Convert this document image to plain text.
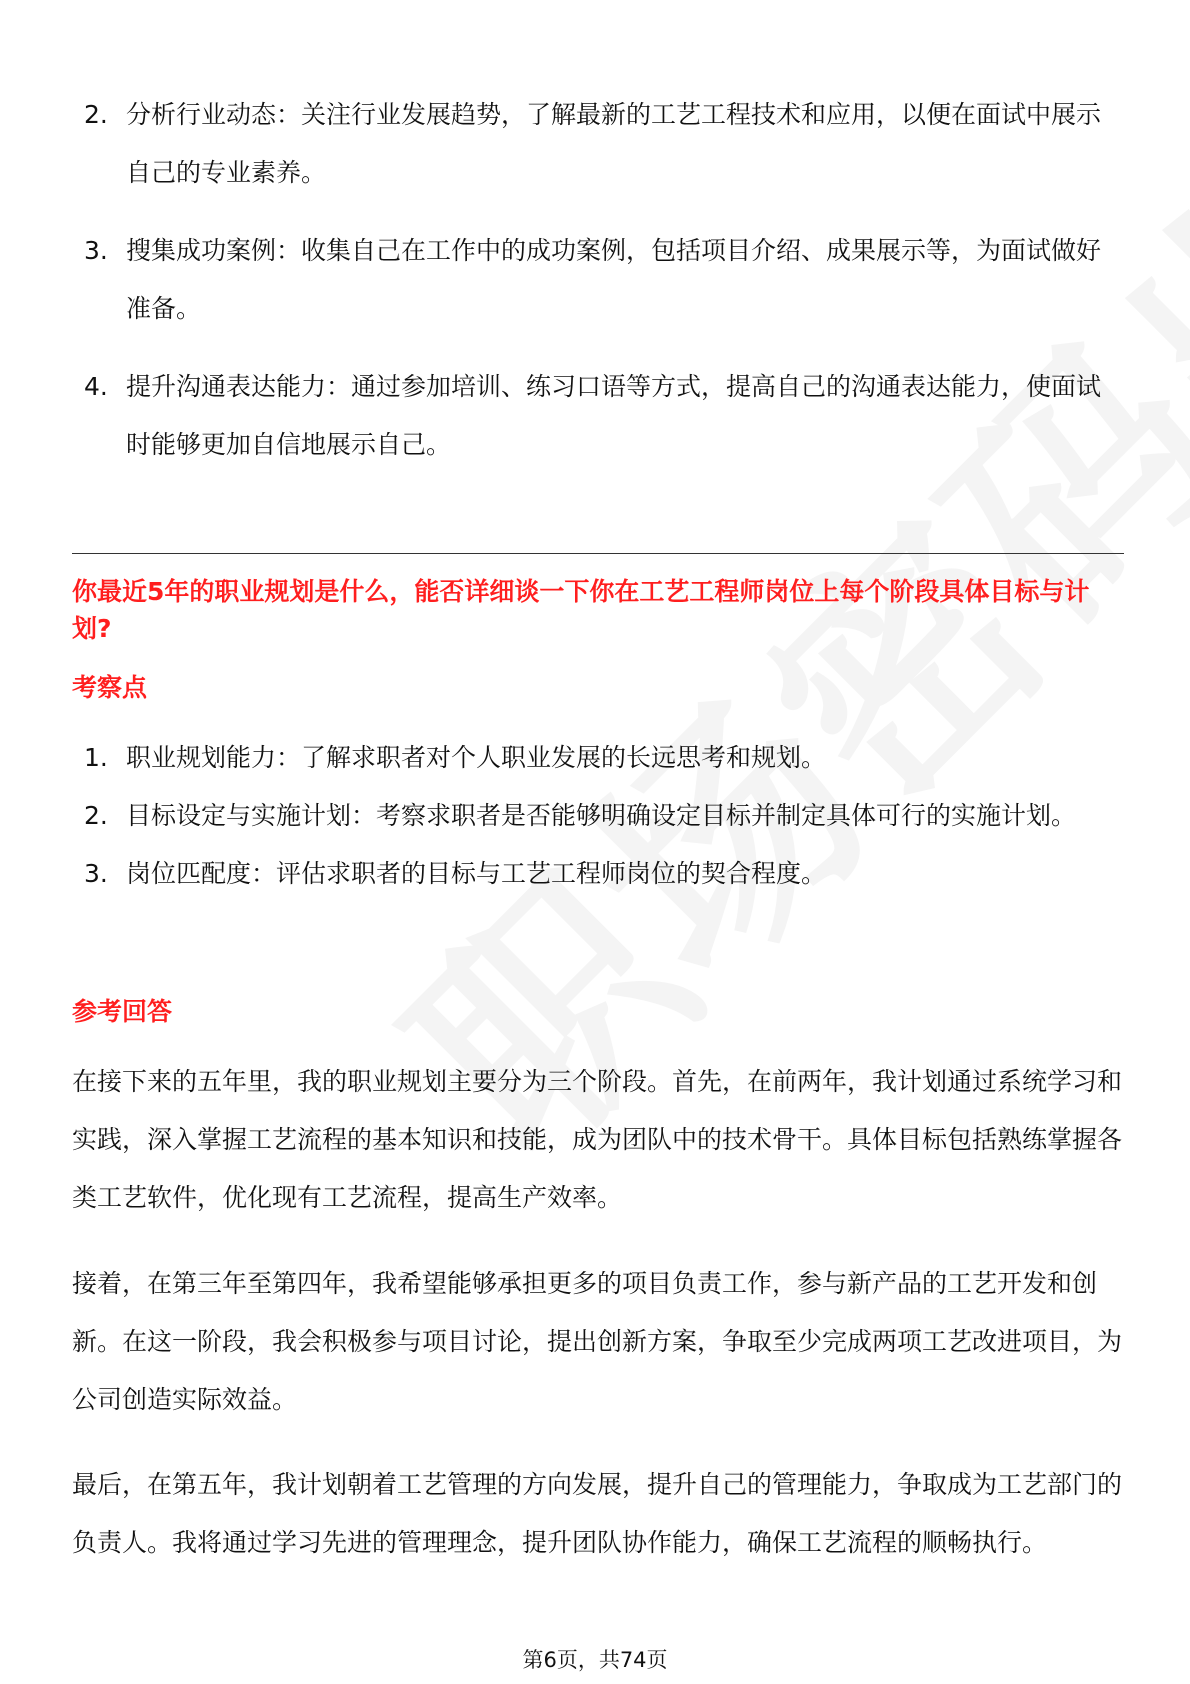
2. 分析行业动态：关注行业发展趋势，了解最新的工艺工程技术和应用，以便在面试中展示自己的专业素养。
3. 搜集成功案例：收集自己在工作中的成功案例，包括项目介绍、成果展示等，为面试做好准备。
4. 提升沟通表达能力：通过参加培训、练习口语等方式，提高自己的沟通表达能力，使面试时能够更加自信地展示自己。
你最近5年的职业规划是什么，能否详细谈一下你在工艺工程师岗位上每个阶段具体目标与计划?
考察点
1. 职业规划能力：了解求职者对个人职业发展的长远思考和规划。
2. 目标设定与实施计划：考察求职者是否能够明确设定目标并制定具体可行的实施计划。
3. 岗位匹配度：评估求职者的目标与工艺工程师岗位的契合程度。
参考回答

在接下来的五年里，我的职业规划主要分为三个阶段。首先，在前两年，我计划通过系统学习和实践，深入掌握工艺流程的基本知识和技能，成为团队中的技术骨干。具体目标包括熟练掌握各类工艺软件，优化现有工艺流程，提高生产效率。

接着，在第三年至第四年，我希望能够承担更多的项目负责工作，参与新产品的工艺开发和创新。在这一阶段，我会积极参与项目讨论，提出创新方案，争取至少完成两项工艺改进项目，为公司创造实际效益。

最后，在第五年，我计划朝着工艺管理的方向发展，提升自己的管理能力，争取成为工艺部门的负责人。我将通过学习先进的管理理念，提升团队协作能力，确保工艺流程的顺畅执行。

第6页，共74页
